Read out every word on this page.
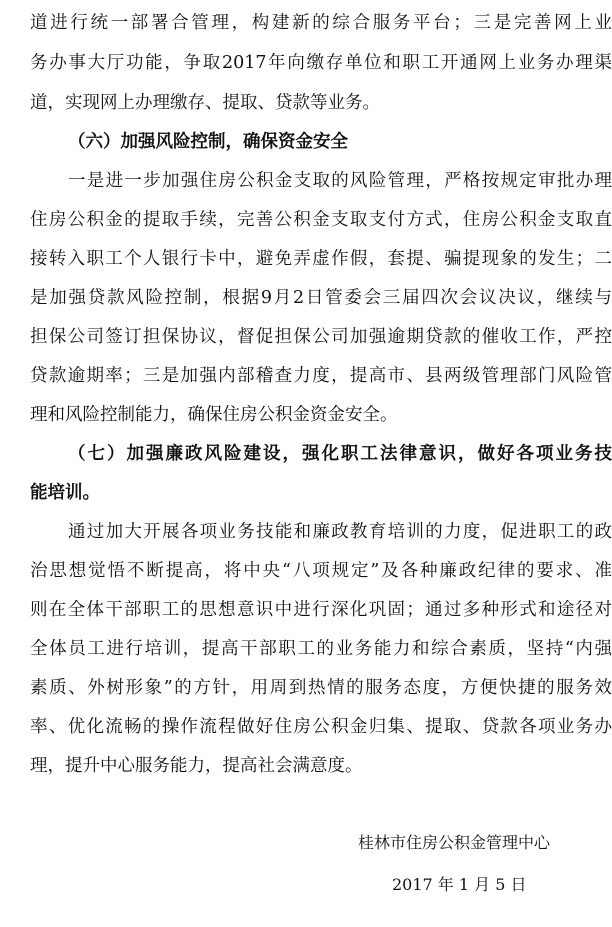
道进行统一部署合管理，构建新的综合服务平台；三是完善网上业
务办事大厅功能，争取2017年向缴存单位和职工开通网上业务办理渠
道，实现网上办理缴存、提取、贷款等业务。
（六）加强风险控制，确保资金安全
一是进一步加强住房公积金支取的风险管理，严格按规定审批办理
住房公积金的提取手续，完善公积金支取支付方式，住房公积金支取直
接转入职工个人银行卡中，避免弄虚作假，套提、骗提现象的发生；二
是加强贷款风险控制，根据9月2日管委会三届四次会议决议，继续与
担保公司签订担保协议，督促担保公司加强逾期贷款的催收工作，严控
贷款逾期率；三是加强内部稽查力度，提高市、县两级管理部门风险管
理和风险控制能力，确保住房公积金资金安全。
（七）加强廉政风险建设，强化职工法律意识，做好各项业务技
能培训。
通过加大开展各项业务技能和廉政教育培训的力度，促进职工的政
治思想觉悟不断提高，将中央“八项规定”及各种廉政纪律的要求、准
则在全体干部职工的思想意识中进行深化巩固；通过多种形式和途径对
全体员工进行培训，提高干部职工的业务能力和综合素质，坚持“内强
素质、外树形象”的方针，用周到热情的服务态度，方便快捷的服务效
率、优化流畅的操作流程做好住房公积金归集、提取、贷款各项业务办
理，提升中心服务能力，提高社会满意度。
桂林市住房公积金管理中心
2017 年 1 月 5 日
